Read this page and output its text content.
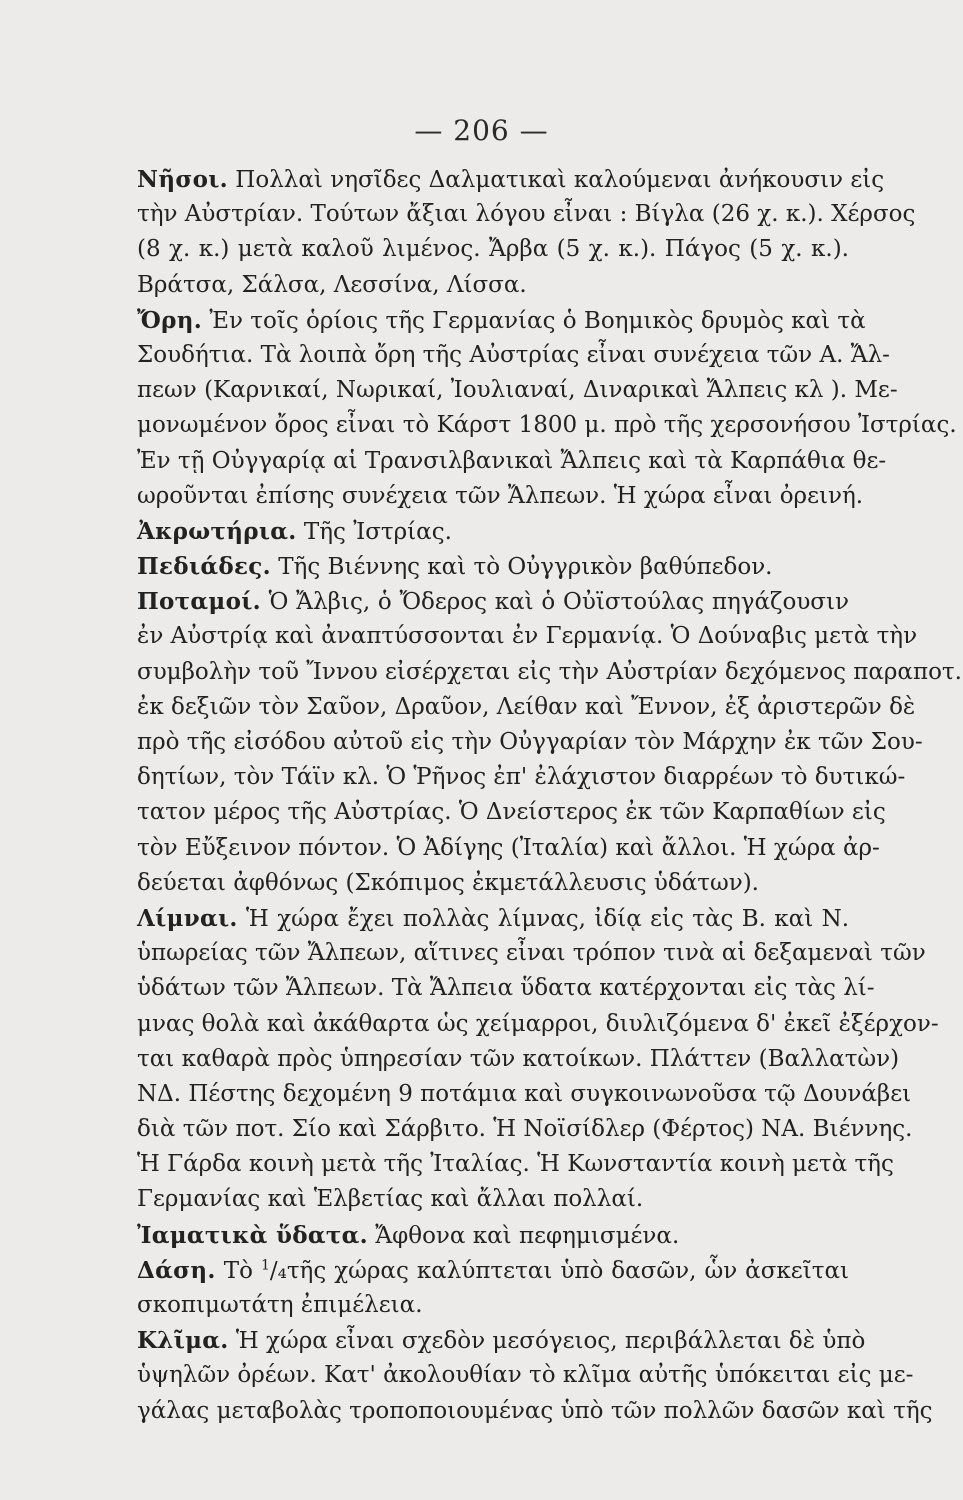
— 206 —
Νῆσοι. Πολλαὶ νησῖδες Δαλματικαὶ καλούμεναι ἀνήκουσιν εἰς
τὴν Αὐστρίαν. Τούτων ἄξιαι λόγου εἶναι : Βίγλα (26 χ. κ.). Χέρσος
(8 χ. κ.) μετὰ καλοῦ λιμένος. Ἄρβα (5 χ. κ.). Πάγος (5 χ. κ.).
Βράτσα, Σάλσα, Λεσσίνα, Λίσσα.
Ὄρη. Ἐν τοῖς ὁρίοις τῆς Γερμανίας ὁ Βοημικὸς δρυμὸς καὶ τὰ
Σουδήτια. Τὰ λοιπὰ ὄρη τῆς Αὐστρίας εἶναι συνέχεια τῶν Α. Ἄλ-
πεων (Καρνικαί, Νωρικαί, Ἰουλιαναί, Διναρικαὶ Ἄλπεις κλ ). Με-
μονωμένον ὄρος εἶναι τὸ Κάρστ 1800 μ. πρὸ τῆς χερσονήσου Ἰστρίας.
Ἐν τῇ Οὐγγαρίᾳ αἱ Τρανσιλβανικαὶ Ἄλπεις καὶ τὰ Καρπάθια θε-
ωροῦνται ἐπίσης συνέχεια τῶν Ἄλπεων. Ἡ χώρα εἶναι ὀρεινή.
Ἀκρωτήρια. Τῆς Ἰστρίας.
Πεδιάδες. Τῆς Βιέννης καὶ τὸ Οὐγγρικὸν βαθύπεδον.
Ποταμοί. Ὁ Ἄλβις, ὁ Ὄδερος καὶ ὁ Οὐϊστούλας πηγάζουσιν
ἐν Αὐστρίᾳ καὶ ἀναπτύσσονται ἐν Γερμανίᾳ. Ὁ Δούναβις μετὰ τὴν
συμβολὴν τοῦ Ἴννου εἰσέρχεται εἰς τὴν Αὐστρίαν δεχόμενος παραποτ.
ἐκ δεξιῶν τὸν Σαῦον, Δραῦον, Λείθαν καὶ Ἔννον, ἐξ ἀριστερῶν δὲ
πρὸ τῆς εἰσόδου αὐτοῦ εἰς τὴν Οὐγγαρίαν τὸν Μάρχην ἐκ τῶν Σου-
δητίων, τὸν Τάϊν κλ. Ὁ Ῥῆνος ἐπ' ἐλάχιστον διαρρέων τὸ δυτικώ-
τατον μέρος τῆς Αὐστρίας. Ὁ Δνείστερος ἐκ τῶν Καρπαθίων εἰς
τὸν Εὔξεινον πόντον. Ὁ Ἀδίγης (Ἰταλία) καὶ ἄλλοι. Ἡ χώρα ἀρ-
δεύεται ἀφθόνως (Σκόπιμος ἐκμετάλλευσις ὑδάτων).
Λίμναι. Ἡ χώρα ἔχει πολλὰς λίμνας, ἰδίᾳ εἰς τὰς Β. καὶ Ν.
ὑπωρείας τῶν Ἄλπεων, αἵτινες εἶναι τρόπον τινὰ αἱ δεξαμεναὶ τῶν
ὑδάτων τῶν Ἄλπεων. Τὰ Ἄλπεια ὕδατα κατέρχονται εἰς τὰς λί-
μνας θολὰ καὶ ἀκάθαρτα ὡς χείμαρροι, διυλιζόμενα δ' ἐκεῖ ἐξέρχον-
ται καθαρὰ πρὸς ὑπηρεσίαν τῶν κατοίκων. Πλάττεν (Βαλλατὼν)
ΝΔ. Πέστης δεχομένη 9 ποτάμια καὶ συγκοινωνοῦσα τῷ Δουνάβει
διὰ τῶν ποτ. Σίο καὶ Σάρβιτο. Ἡ Νοϊσίδλερ (Φέρτος) ΝΑ. Βιέννης.
Ἡ Γάρδα κοινὴ μετὰ τῆς Ἰταλίας. Ἡ Κωνσταντία κοινὴ μετὰ τῆς
Γερμανίας καὶ Ἑλβετίας καὶ ἄλλαι πολλαί.
Ἰαματικὰ ὕδατα. Ἄφθονα καὶ πεφημισμένα.
Δάση. Τὸ $^1$/₄τῆς χώρας καλύπτεται ὑπὸ δασῶν, ὧν ἀσκεῖται
σκοπιμωτάτη ἐπιμέλεια.
Κλῖμα. Ἡ χώρα εἶναι σχεδὸν μεσόγειος, περιβάλλεται δὲ ὑπὸ
ὑψηλῶν ὀρέων. Κατ' ἀκολουθίαν τὸ κλῖμα αὐτῆς ὑπόκειται εἰς με-
γάλας μεταβολὰς τροποποιουμένας ὑπὸ τῶν πολλῶν δασῶν καὶ τῆς
